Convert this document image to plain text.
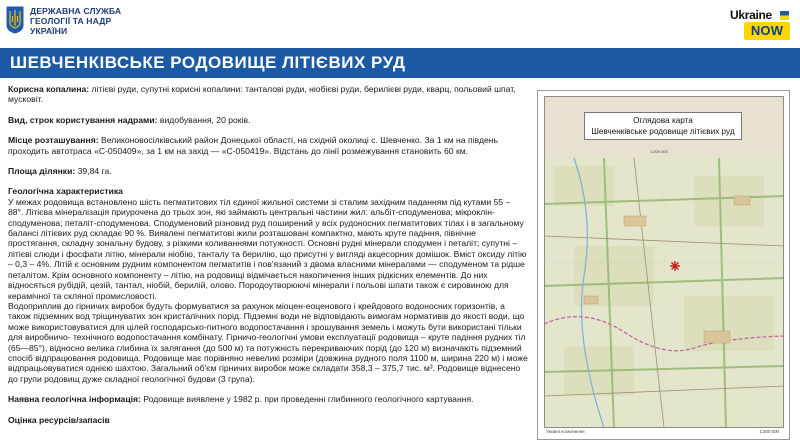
ДЕРЖАВНА СЛУЖБА
ГЕОЛОГІЇ ТА НАДР
УКРАЇНИ
Ukraine
NOW
ШЕВЧЕНКІВСЬКЕ РОДОВИЩЕ ЛІТІЄВИХ РУД
Корисна копалина: літієві руди, супутні корисні копалини: танталові руди, ніобієві руди, берилієві руди, кварц, польовий шпат, мусковіт.
Вид, строк користування надрами: видобування, 20 років.
Місце розташування: Великоновосілківський район Донецької області, на східній околиці с. Шевченко. За 1 км на південь проходить автотраса «С-050409», за 1 км на захід — «С-050419». Відстань до лінії розмежування становить 60 км.
Площа ділянки: 39,84 га.
Геологічна характеристика
У межах родовища встановлено шість пегматитових тіл єдиної жильної системи зі сталим західним паданням під кутами 55 – 88°. Літієва мінералізація приурочена до трьох зон, які займають центральні частини жил: альбіт-сподуменова; мікроклін-сподуменова; петаліт-сподуменова. Сподуменовий різновид руд поширений у всіх рудоносних пегматитових тілах і в загальному балансі літієвих руд складає 90 %. Виявлені пегматитові жили розташовані компактно, мають круте падіння, північне простягання, складну зональну будову, з різкими коливаннями потужності. Основні рудні мінерали сподумен і петаліт; супутні – літієві слюди і фосфати літію, мінерали ніобію, танталу та берилію, що присутні у вигляді акцесорних домішок. Вміст оксиду літію – 0,3 – 4%. Літій є основним рудним компонентом пегматитів і пов'язаний з двома власними мінералами — сподуменом та рідше петалітом. Крім основного компоненту – літію, на родовищі відмічається накопичення інших рідкісних елементів. До них відносяться рубідій, цезій, тантал, ніобій, берилій, олово. Породоутворюючі мінерали і польові шпати також є сировиною для керамічної та скляної промисловості.
Водоприплив до гірничих виробок будуть формуватися за рахунок міоцен-еоценового і крейдового водоносних горизонтів, а також підземних вод тріщинуватих зон кристалічних порід. Підземні води не відповідають вимогам нормативів до якості води, що може використовуватися для цілей господарсько-питного водопостачання і зрошування земель і можуть бути використані тільки для виробничо- технічного водопостачання комбінату. Гірничо-геологічні умови експлуатації родовища – круте падіння рудних тіл (65—85°), відносно велика глибина їх залягання (до 500 м) та потужність перекриваючих порід (до 120 м) визначають підземний спосіб відпрацювання родовища. Родовище має порівняно невеликі розміри (довжина рудного поля 1100 м, ширина 220 м) і може відпрацьовуватися однією шахтою. Загальний об'єм гірничих виробок може складати 358,3 – 375,7 тис. м³. Родовище віднесено до групи родовищ дуже складної геологічної будови (3 група).
Наявна геологічна інформація: Родовище виявлене у 1982 р. при проведенні глибинного геологічного картування.
Оцінка ресурсів/запасів
Оглядова карта
Шевченківське родовище літієвих руд
1:200 000
Умовні позначення	1:200 000
